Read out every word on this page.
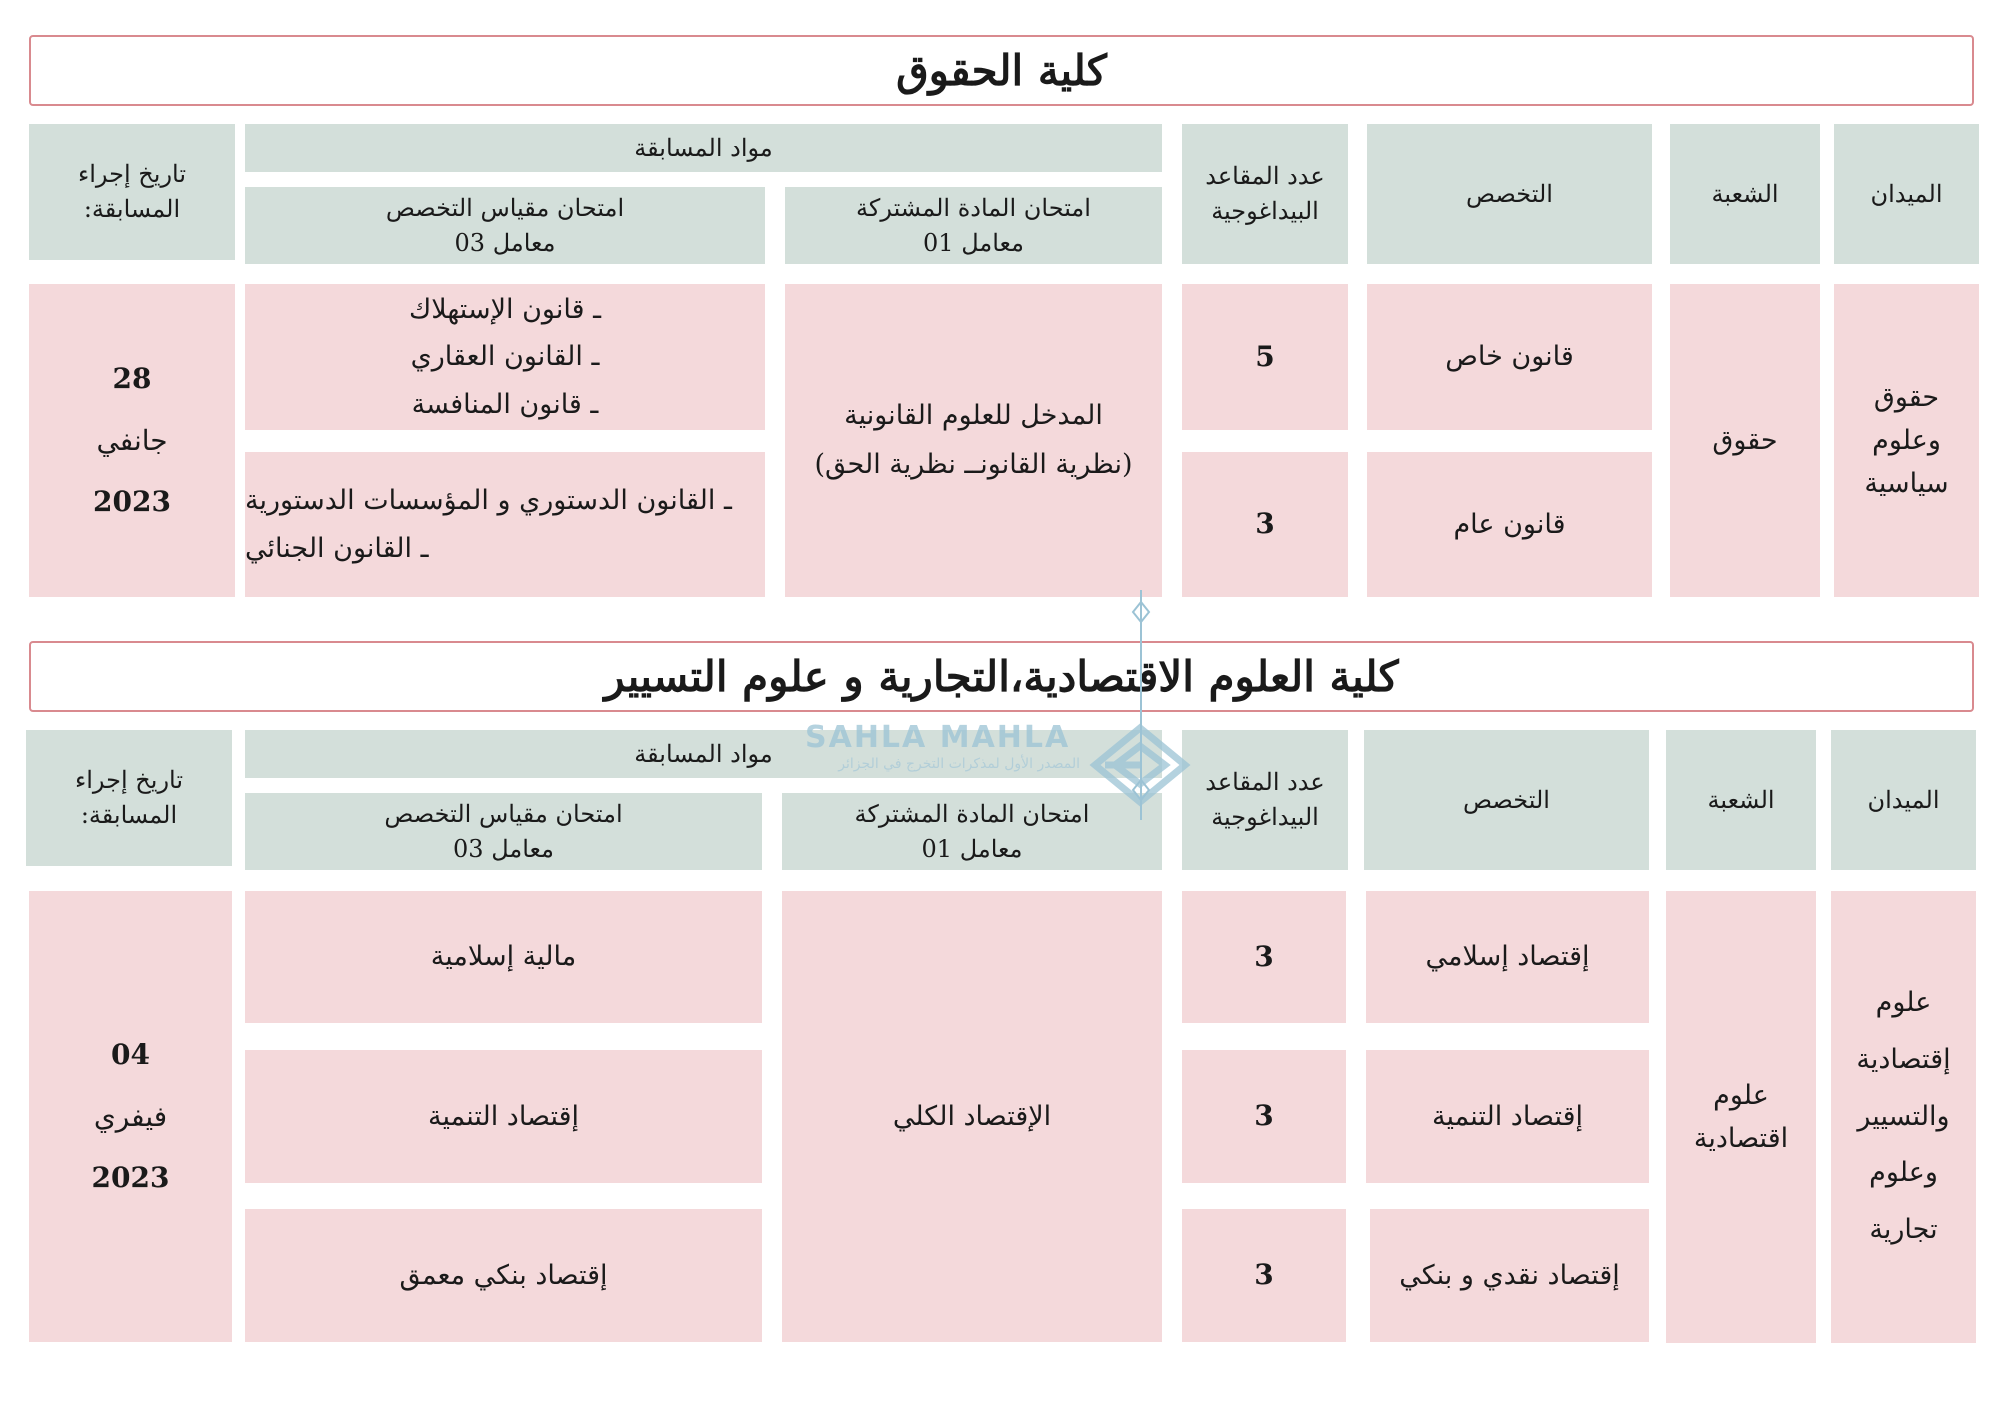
كلية الحقوق
الميدان
الشعبة
التخصص
عدد المقاعد البيداغوجية
مواد المسابقة
امتحان المادة المشتركة
معامل 01
امتحان مقياس التخصص
معامل 03
تاريخ إجراء المسابقة:
حقوق
وعلوم
سياسية
حقوق
قانون خاص
5
ـ قانون الإستهلاك
ـ القانون العقاري
ـ قانون المنافسة
قانون عام
3
ـ القانون الدستوري و المؤسسات الدستورية
ـ القانون الجنائي
المدخل للعلوم القانونية
(نظرية القانونــ نظرية الحق)
28
جانفي
2023
كلية العلوم الاقتصادية،التجارية و علوم التسيير
الميدان
الشعبة
التخصص
عدد المقاعد البيداغوجية
مواد المسابقة
امتحان المادة المشتركة
معامل 01
امتحان مقياس التخصص
معامل 03
تاريخ إجراء المسابقة:
علوم
إقتصادية
والتسيير
وعلوم
تجارية
علوم
اقتصادية
إقتصاد إسلامي
3
مالية إسلامية
إقتصاد التنمية
3
إقتصاد التنمية
إقتصاد نقدي و بنكي
3
إقتصاد بنكي معمق
الإقتصاد الكلي
04
فيفري
2023
SAHLA MAHLA
المصدر الأول لمذكرات التخرج في الجزائر
